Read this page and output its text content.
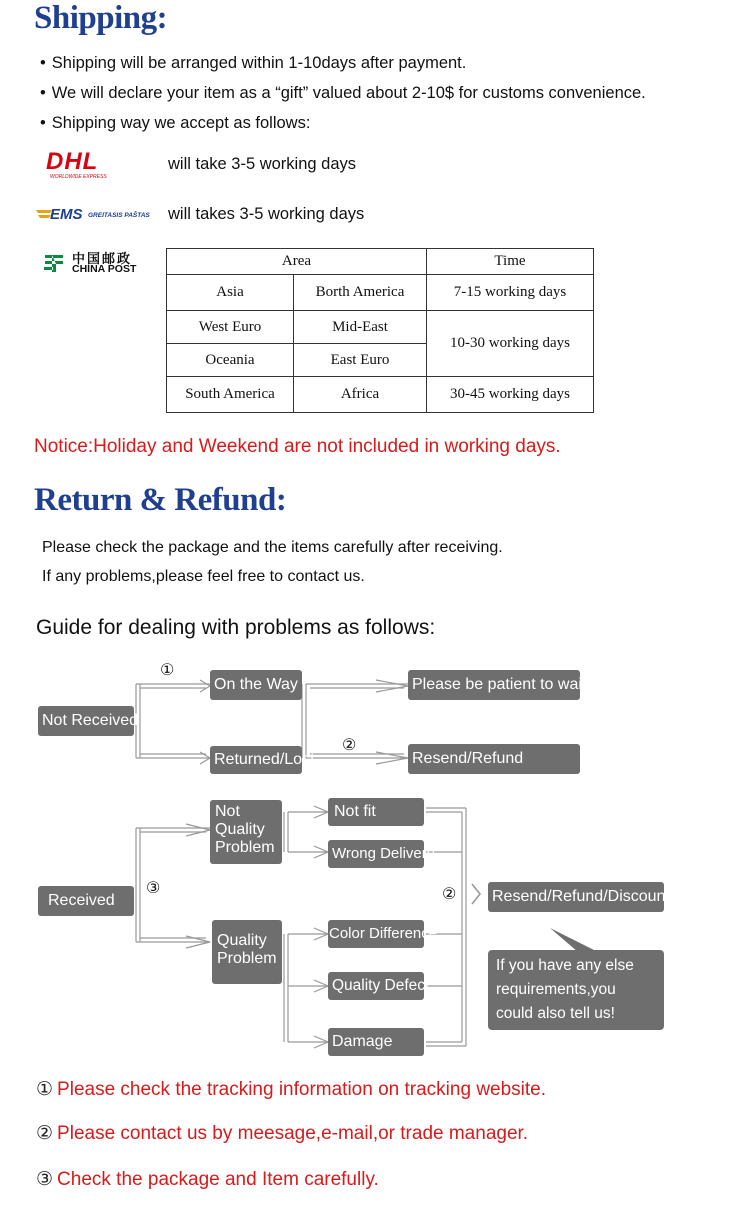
Shipping:
• Shipping will be arranged within 1-10days after payment.
• We will declare your item as a “gift” valued about 2-10$ for customs convenience.
• Shipping way we accept as follows:
DHL
WORLDWIDE EXPRESS
will take 3-5 working days
EMS GREITASIS PAŠTAS will takes 3-5 working days
中国邮政
CHINA POST	Area		Time
Asia	Borth America	7-15 working days
West Euro	Mid-East	10-30 working days
Oceania	East Euro	
South America	Africa	30-45 working days
Notice:Holiday and Weekend are not included in working days.
Return & Refund:
Please check the package and the items carefully after receiving.
If any problems,please feel free to contact us.
Guide for dealing with problems as follows:
①
②
③	②
Not Received
On the Way
Returned/Lost
Please be patient to wait
Resend/Refund
Received
Not
Quality
Problem
Quality
Problem
Not fit
Wrong Deliveru
Color Difference
Quality Defect
Damage
Resend/Refund/Discount
If you have any else requirements,you could also tell us!
① Please check the tracking information on tracking website.
② Please contact us by meesage,e-mail,or trade manager.
③ Check the package and Item carefully.
